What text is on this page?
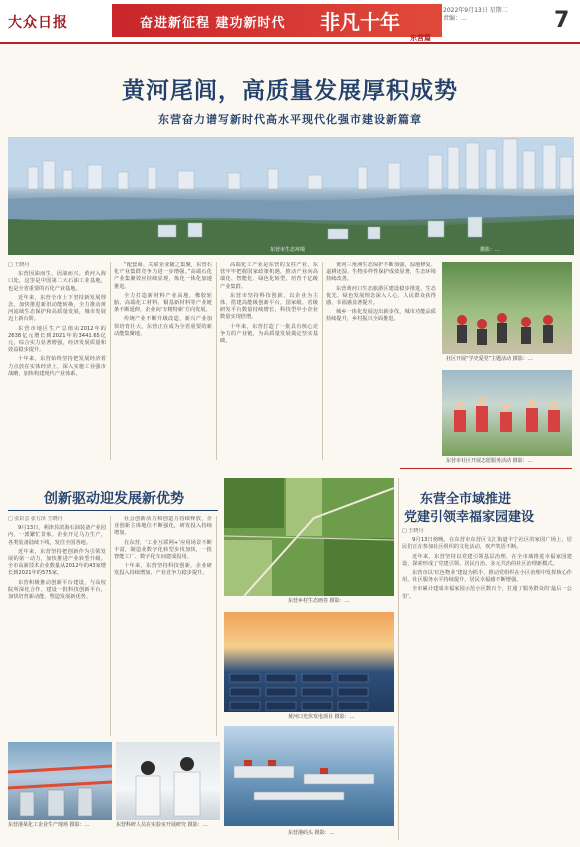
大众日报	奋进新征程 建功新时代 非凡十年	2022年9月13日 星期二
责编：…	7
东营篇
黄河尾闾，高质量发展厚积成势
东营奋力谱写新时代高水平现代化强市建设新篇章
东营市生态环境	摄影：…
□ 王晓丹

东营因油而生，因油而兴。黄河入海口处，这里是中国第二大石油工业基地，也是全省重要的石化产业基地。

近年来，东营全市上下坚持新发展理念，加快推进新旧动能转换，全力推动黄河流域生态保护和高质量发展，城市发展迈上新台阶。

东营市地区生产总值由2012年的2638亿元增长到2021年的3441.65亿元，综合实力显著增强，经济发展质量和效益稳步提升。

十年来，东营始终坚持把发展经济着力点放在实体经济上，深入实施工业强市战略，加快构建现代产业体系。

“配套商、关联企业随之集聚，东营石化产业集群竞争力进一步增强。”高端石化产业集聚效应持续显现，炼化一体化加速推进。

全力打造新材料产业高地，橡胶轮胎、高端化工材料、铜基新材料等产业链条不断延伸，企业向‘专精特新’方向发展。

传统产业不断升级改造，新兴产业加快培育壮大，东营正在成为全省重要的新动能集聚地。

高端化工产业是东营的支柱产业，东营牢牢把握国家政策机遇，推动产业向高端化、智能化、绿色化转型，培育千亿级产业集群。

东营市坚持科技创新，以企业为主体，搭建高能级创新平台，国家级、省级研发平台数量持续增长，科技型中小企业数量实现倍增。

十年来，东营打造了一批具有核心竞争力的产业链，为高质量发展奠定坚实基础。

黄河三角洲生态保护不断加强，湿地修复、退耕还湿、生物多样性保护成效显著，生态环境持续改善。

东营黄河口生态旅游区建设稳步推进，生态优先、绿色发展理念深入人心，人民群众获得感、幸福感显著提升。

城乡一体化发展迈出新步伐，城市功能品质持续提升，乡村振兴全面推进。

社区开展“学史爱党”主题活动 摄影：…
东营市社区开展志愿服务活动 摄影：…
创新驱动迎发展新优势
□ 张彩芸 张方泽 王晓丹

9月13日，利津县滨海石油装备产业园内，一派繁忙景象。企业开足马力生产，各类装备陆续下线，发往全国各地。

近年来，东营坚持把创新作为引领发展的第一动力，加快推进产业转型升级。全市高新技术企业数量从2012年的43家增长到2021年的575家。

东营积极推动创新平台建设，与高校院所深化合作，建设一批科技创新平台，加快培育新动能，塑造发展新优势。

社会创新活力和创造力持续释放，企业创新主体地位不断强化，研发投入持续增加。

在东营，‘工业互联网+’应用场景不断丰富，制造业数字化转型步伐加快，一批智能工厂、数字化车间建成投用。

十年来，东营坚持科技创新，企业研发投入持续增加，产业竞争力稳步提升。

东营港某化工企业生产现场 摄影：…	东营科研人员在实验室开展研究 摄影：…
东营乡村生态画卷 摄影：…
黄河口光伏发电项目 摄影：…
东营港码头 摄影：…
东营全市域推进
党建引领幸福家园建设
□ 王晓丹

9月13日傍晚，在东营市东营区文汇街道丰宁社区的家园广场上，居民们正在参加社区组织的文化活动，欢声笑语不断。

近年来，东营坚持以党建引领基层治理，在全市域推进幸福家园建设，探索形成了党建引领、居民自治、多元共治的社区治理新模式。

东营市以‘红色物业’建设为抓手，推动党组织在小区治理中发挥核心作用，社区服务水平持续提升，居民幸福感不断增强。

全市累计建成幸福家园示范小区数百个，打通了服务群众的‘最后一公里’。
